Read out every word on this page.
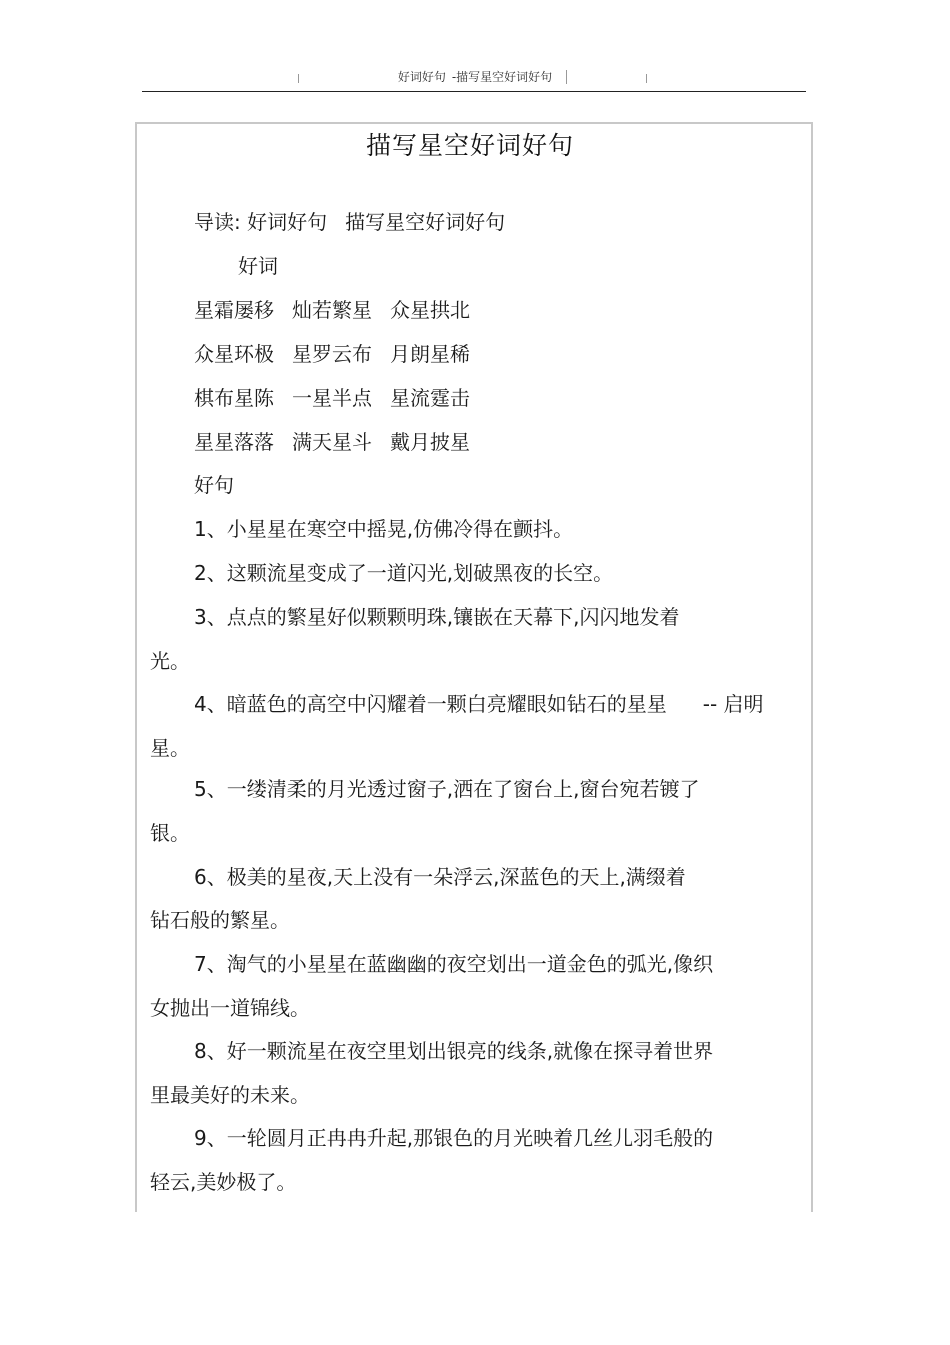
好词好句 -描写星空好词好句
描写星空好词好句
导读: 好词好句 描写星空好词好句
好词
星霜屡移 灿若繁星 众星拱北
众星环极 星罗云布 月朗星稀
棋布星陈 一星半点 星流霆击
星星落落 满天星斗 戴月披星
好句
1、小星星在寒空中摇晃,仿佛冷得在颤抖。
2、这颗流星变成了一道闪光,划破黑夜的长空。
3、点点的繁星好似颗颗明珠,镶嵌在天幕下,闪闪地发着
光。
4、暗蓝色的高空中闪耀着一颗白亮耀眼如钻石的星星 -- 启明
星。
5、一缕清柔的月光透过窗子,洒在了窗台上,窗台宛若镀了
银。
6、极美的星夜,天上没有一朵浮云,深蓝色的天上,满缀着
钻石般的繁星。
7、淘气的小星星在蓝幽幽的夜空划出一道金色的弧光,像织
女抛出一道锦线。
8、好一颗流星在夜空里划出银亮的线条,就像在探寻着世界
里最美好的未来。
9、一轮圆月正冉冉升起,那银色的月光映着几丝儿羽毛般的
轻云,美妙极了。
